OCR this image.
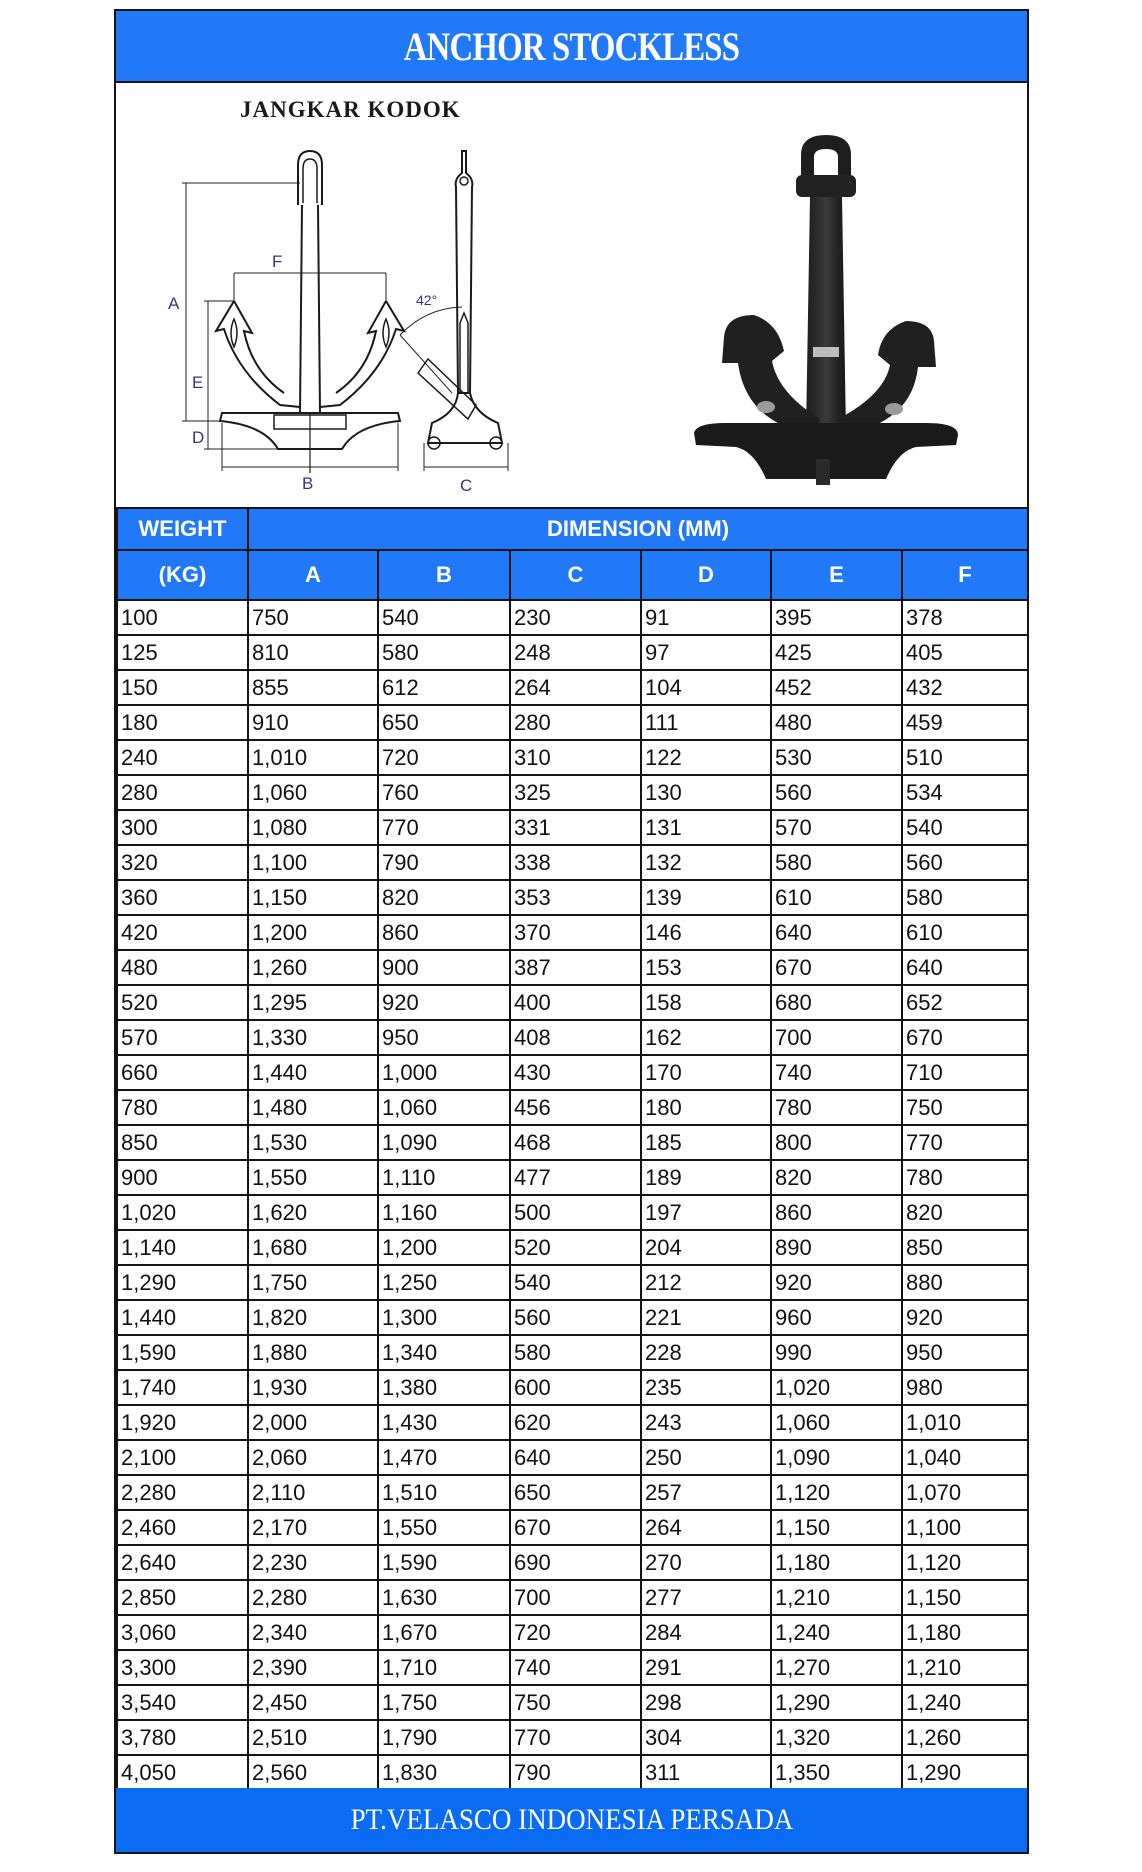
ANCHOR STOCKLESS
JANGKAR KODOK
A
E
D
B
F
C
42°
WEIGHT	DIMENSION (MM)					
(KG)	A	B	C	D	E	F
100	750	540	230	91	395	378
125	810	580	248	97	425	405
150	855	612	264	104	452	432
180	910	650	280	111	480	459
240	1,010	720	310	122	530	510
280	1,060	760	325	130	560	534
300	1,080	770	331	131	570	540
320	1,100	790	338	132	580	560
360	1,150	820	353	139	610	580
420	1,200	860	370	146	640	610
480	1,260	900	387	153	670	640
520	1,295	920	400	158	680	652
570	1,330	950	408	162	700	670
660	1,440	1,000	430	170	740	710
780	1,480	1,060	456	180	780	750
850	1,530	1,090	468	185	800	770
900	1,550	1,110	477	189	820	780
1,020	1,620	1,160	500	197	860	820
1,140	1,680	1,200	520	204	890	850
1,290	1,750	1,250	540	212	920	880
1,440	1,820	1,300	560	221	960	920
1,590	1,880	1,340	580	228	990	950
1,740	1,930	1,380	600	235	1,020	980
1,920	2,000	1,430	620	243	1,060	1,010
2,100	2,060	1,470	640	250	1,090	1,040
2,280	2,110	1,510	650	257	1,120	1,070
2,460	2,170	1,550	670	264	1,150	1,100
2,640	2,230	1,590	690	270	1,180	1,120
2,850	2,280	1,630	700	277	1,210	1,150
3,060	2,340	1,670	720	284	1,240	1,180
3,300	2,390	1,710	740	291	1,270	1,210
3,540	2,450	1,750	750	298	1,290	1,240
3,780	2,510	1,790	770	304	1,320	1,260
4,050	2,560	1,830	790	311	1,350	1,290
PT.VELASCO INDONESIA PERSADA
